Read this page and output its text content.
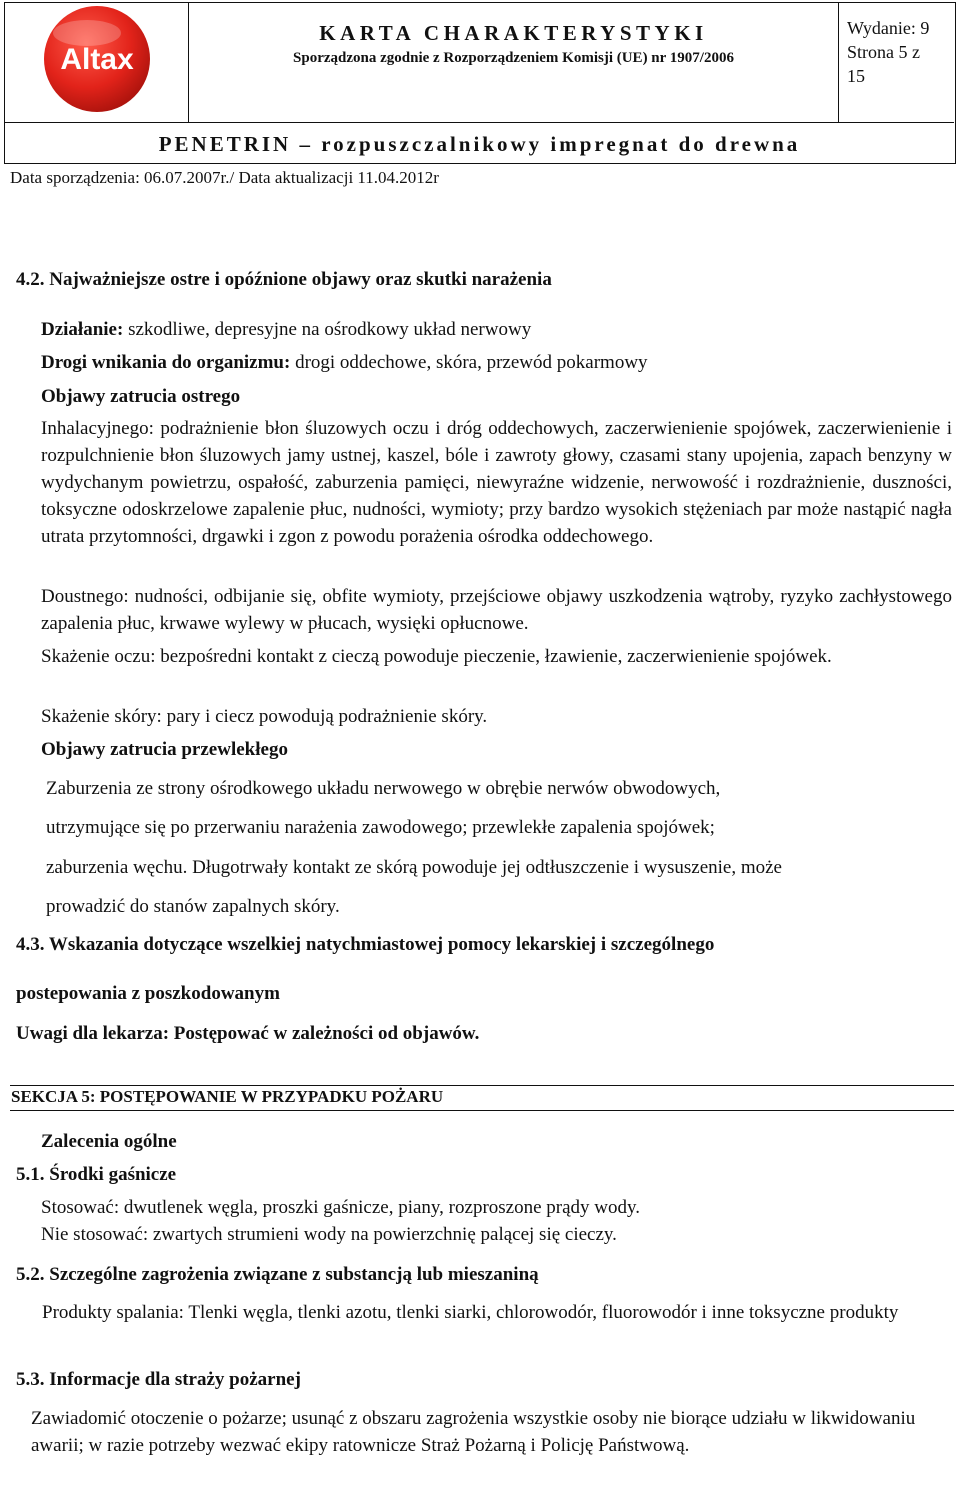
Altax
KARTA CHARAKTERYSTYKI
Sporządzona zgodnie z Rozporządzeniem Komisji (UE) nr 1907/2006
Wydanie: 9
Strona 5 z
15
PENETRIN – rozpuszczalnikowy impregnat do drewna
Data sporządzenia: 06.07.2007r./ Data aktualizacji 11.04.2012r
4.2. Najważniejsze ostre i opóźnione objawy oraz skutki narażenia
Działanie: szkodliwe, depresyjne na ośrodkowy układ nerwowy
Drogi wnikania do organizmu: drogi oddechowe, skóra, przewód pokarmowy
Objawy zatrucia ostrego
Inhalacyjnego: podrażnienie błon śluzowych oczu i dróg oddechowych, zaczerwienienie spojówek, zaczerwienienie i rozpulchnienie błon śluzowych jamy ustnej, kaszel, bóle i zawroty głowy, czasami stany upojenia, zapach benzyny w wydychanym powietrzu, ospałość, zaburzenia pamięci, niewyraźne widzenie, nerwowość i rozdrażnienie, duszności, toksyczne odoskrzelowe zapalenie płuc, nudności, wymioty; przy bardzo wysokich stężeniach par może nastąpić nagła utrata przytomności, drgawki i zgon z powodu porażenia ośrodka oddechowego.
Doustnego: nudności, odbijanie się, obfite wymioty, przejściowe objawy uszkodzenia wątroby, ryzyko zachłystowego zapalenia płuc, krwawe wylewy w płucach, wysięki opłucnowe.
Skażenie oczu: bezpośredni kontakt z cieczą powoduje pieczenie, łzawienie, zaczerwienienie spojówek.
Skażenie skóry: pary i ciecz powodują podrażnienie skóry.
Objawy zatrucia przewlekłego
Zaburzenia ze strony ośrodkowego układu nerwowego w obrębie nerwów obwodowych,
utrzymujące się po przerwaniu narażenia zawodowego; przewlekłe zapalenia spojówek;
zaburzenia węchu. Długotrwały kontakt ze skórą powoduje jej odtłuszczenie i wysuszenie, może
prowadzić do stanów zapalnych skóry.
4.3. Wskazania dotyczące wszelkiej natychmiastowej pomocy lekarskiej i szczególnego
postepowania z poszkodowanym
Uwagi dla lekarza: Postępować w zależności od objawów.
SEKCJA 5: POSTĘPOWANIE W PRZYPADKU POŻARU
Zalecenia ogólne
5.1. Środki gaśnicze
Stosować: dwutlenek węgla, proszki gaśnicze, piany, rozproszone prądy wody.
Nie stosować: zwartych strumieni wody na powierzchnię palącej się cieczy.
5.2. Szczególne zagrożenia związane z substancją lub mieszaniną
Produkty spalania: Tlenki węgla, tlenki azotu, tlenki siarki, chlorowodór, fluorowodór i inne toksyczne produkty
5.3. Informacje dla straży pożarnej
Zawiadomić otoczenie o pożarze; usunąć z obszaru zagrożenia wszystkie osoby nie biorące udziału w likwidowaniu awarii; w razie potrzeby wezwać ekipy ratownicze Straż Pożarną i Policję Państwową.
